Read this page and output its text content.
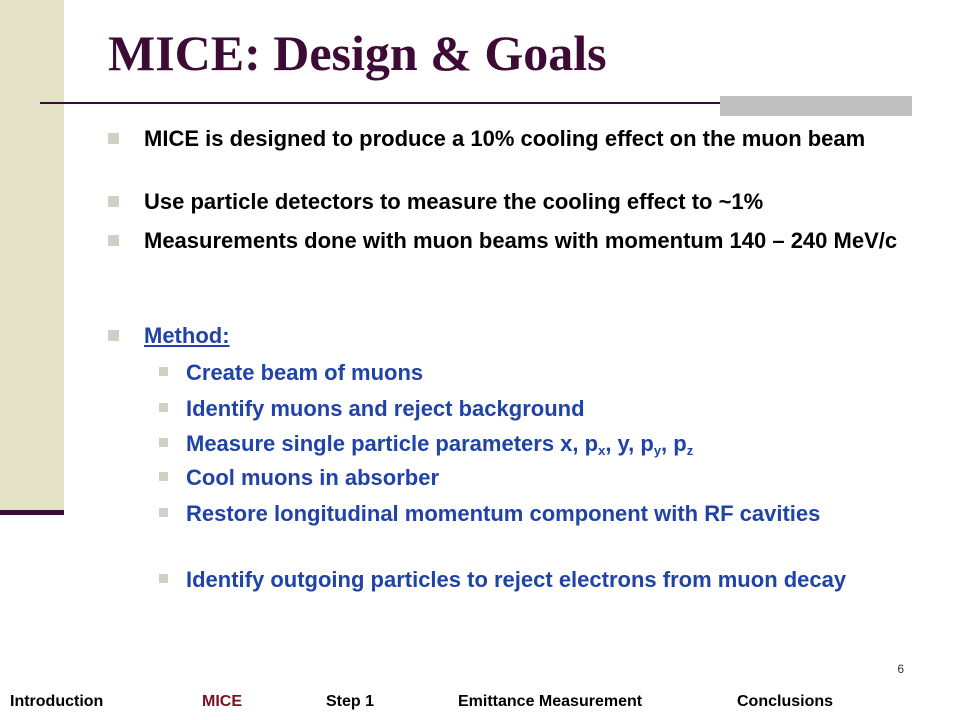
MICE: Design & Goals
MICE is designed to produce a 10% cooling effect on the muon beam
Use particle detectors to measure the cooling effect to ~1%
Measurements done with muon beams with momentum 140 – 240 MeV/c
Method:
Create beam of muons
Identify muons and reject background
Measure single particle parameters x, $p_x$, y, $p_y$, $p_z$
Cool muons in absorber
Restore longitudinal momentum component with RF cavities
Identify outgoing particles to reject electrons from muon decay
6
Introduction	MICE	Step 1	Emittance Measurement	Conclusions
